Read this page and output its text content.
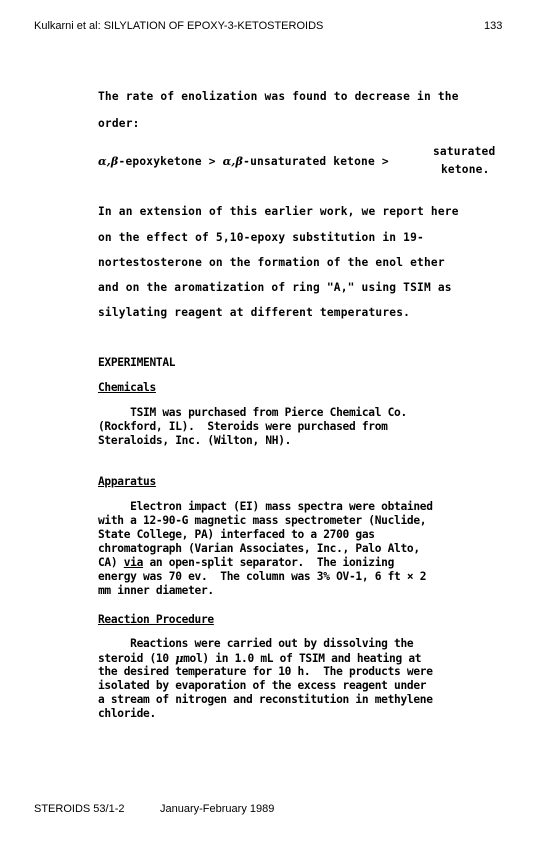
Kulkarni et al: SILYLATION OF EPOXY-3-KETOSTEROIDS	133
The rate of enolization was found to decrease in the
order:
α,β-epoxyketone > α,β-unsaturated ketone >
saturated
ketone.
In an extension of this earlier work, we report here
on the effect of 5,10-epoxy substitution in 19-
nortestosterone on the formation of the enol ether
and on the aromatization of ring "A," using TSIM as
silylating reagent at different temperatures.
EXPERIMENTAL
Chemicals
TSIM was purchased from Pierce Chemical Co.
(Rockford, IL).  Steroids were purchased from
Steraloids, Inc. (Wilton, NH).
Apparatus
Electron impact (EI) mass spectra were obtained
with a 12-90-G magnetic mass spectrometer (Nuclide,
State College, PA) interfaced to a 2700 gas
chromatograph (Varian Associates, Inc., Palo Alto,
CA) via an open-split separator.  The ionizing
energy was 70 ev.  The column was 3% OV-1, 6 ft × 2
mm inner diameter.
Reaction Procedure
Reactions were carried out by dissolving the
steroid (10 μmol) in 1.0 mL of TSIM and heating at
the desired temperature for 10 h.  The products were
isolated by evaporation of the excess reagent under
a stream of nitrogen and reconstitution in methylene
chloride.
STEROIDS 53/1-2	January-February 1989
